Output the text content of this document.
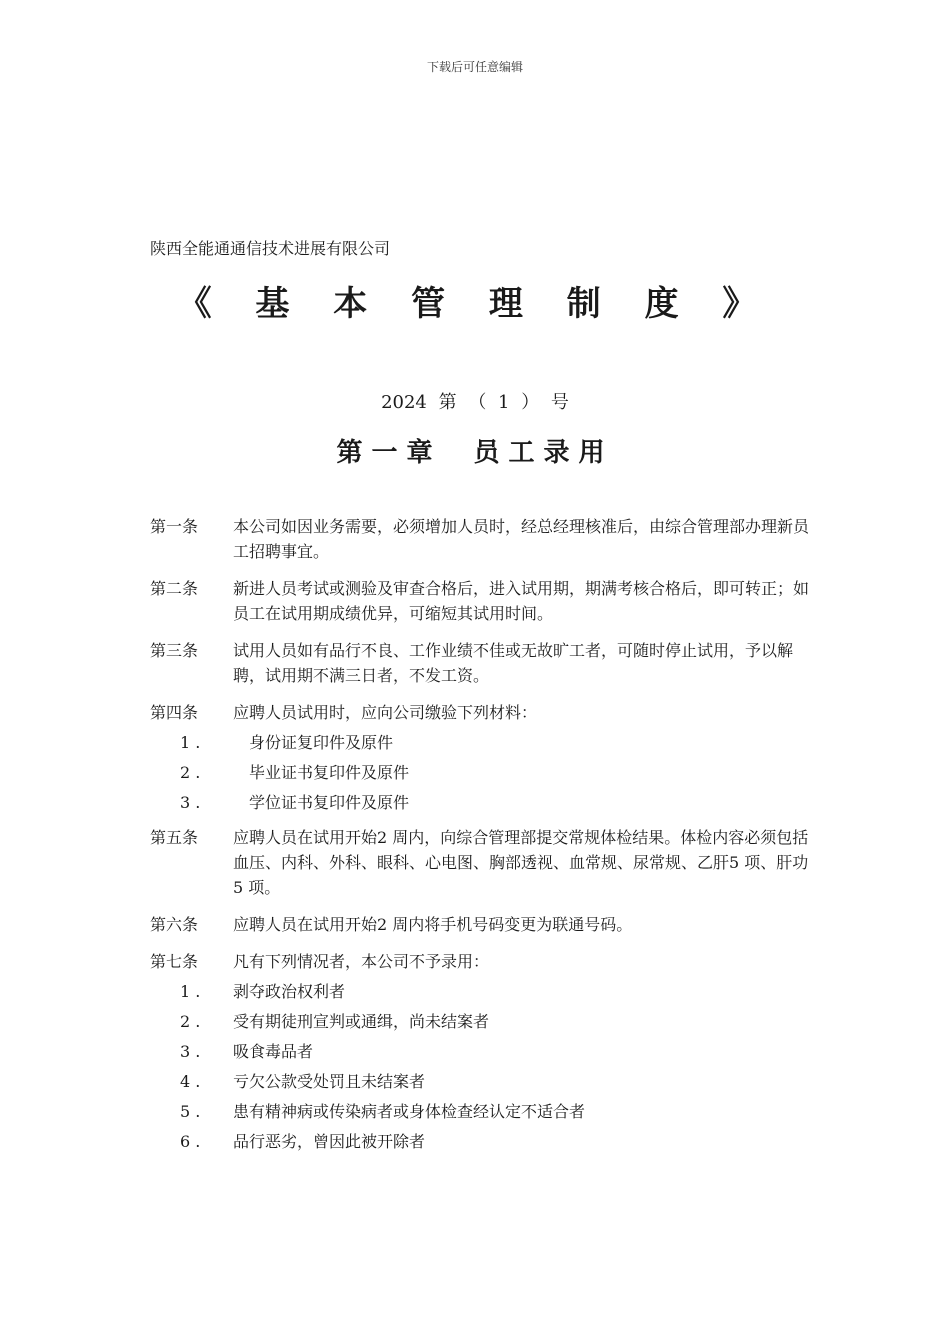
下载后可任意编辑
陕西全能通通信技术进展有限公司
《 基 本 管 理 制 度 》
2024 第 （ 1 ） 号
第一章 员工录用
第一条	本公司如因业务需要，必须增加人员时，经总经理核准后，由综合管理部办理新员工招聘事宜。
第二条	新进人员考试或测验及审查合格后，进入试用期，期满考核合格后，即可转正；如员工在试用期成绩优异，可缩短其试用时间。
第三条	试用人员如有品行不良、工作业绩不佳或无故旷工者，可随时停止试用，予以解聘，试用期不满三日者，不发工资。
第四条	应聘人员试用时，应向公司缴验下列材料：
1 .	身份证复印件及原件
2 .	毕业证书复印件及原件
3 .	学位证书复印件及原件
第五条	应聘人员在试用开始2 周内，向综合管理部提交常规体检结果。体检内容必须包括血压、内科、外科、眼科、心电图、胸部透视、血常规、尿常规、乙肝5 项、肝功5 项。
第六条	应聘人员在试用开始2 周内将手机号码变更为联通号码。
第七条	凡有下列情况者，本公司不予录用：
1 .	剥夺政治权利者
2 .	受有期徒刑宣判或通缉，尚未结案者
3 .	吸食毒品者
4 .	亏欠公款受处罚且未结案者
5 .	患有精神病或传染病者或身体检查经认定不适合者
6 .	品行恶劣，曾因此被开除者
